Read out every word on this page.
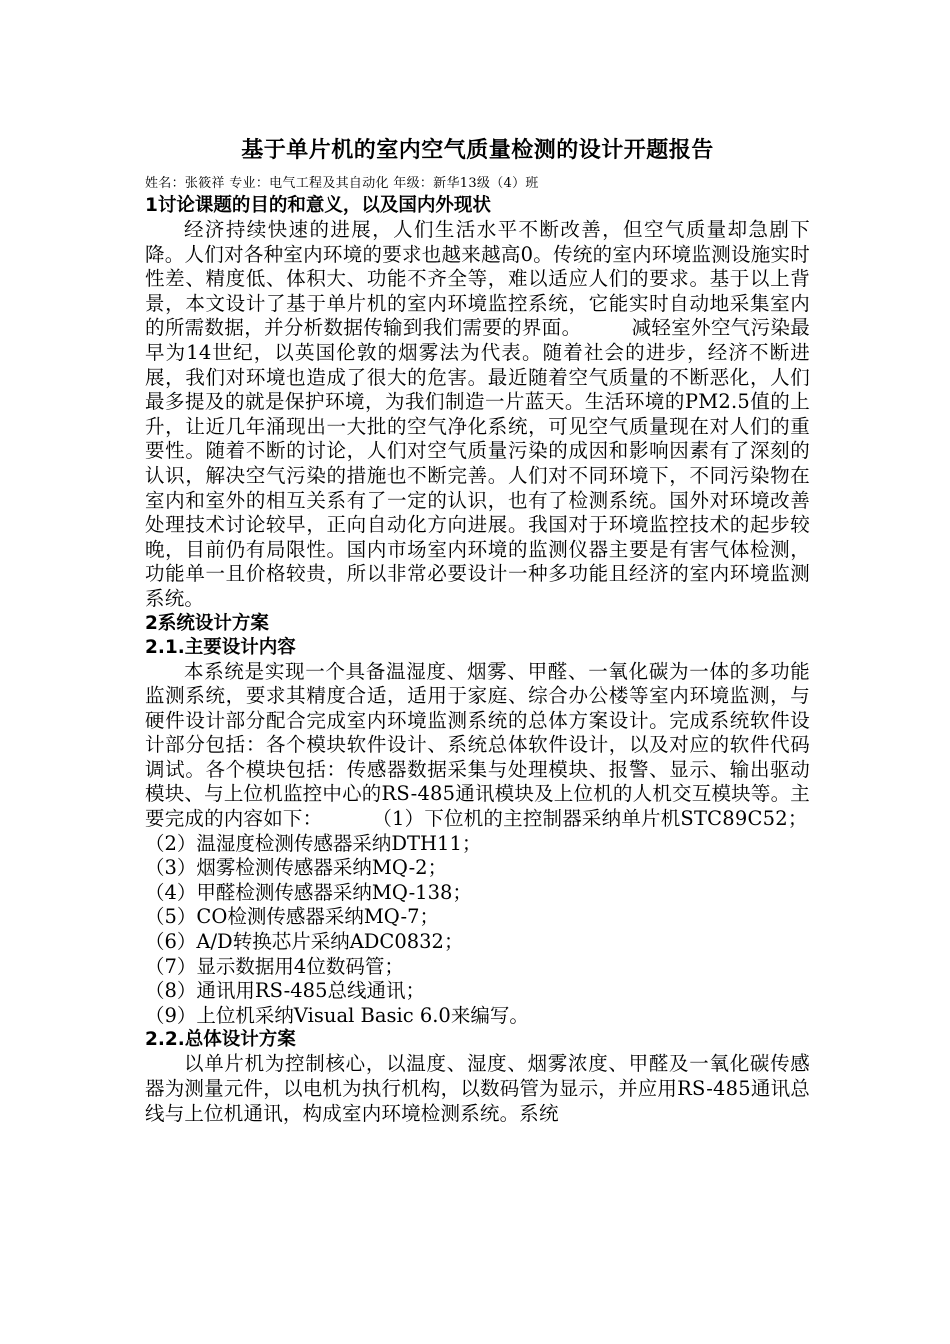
基于单片机的室内空气质量检测的设计开题报告
姓名：张筱祥 专业：电气工程及其自动化 年级：新华13级（4）班
1讨论课题的目的和意义，以及国内外现状
经济持续快速的进展，人们生活水平不断改善，但空气质量却急剧下降。人们对各种室内环境的要求也越来越高0。传统的室内环境监测设施实时性差、精度低、体积大、功能不齐全等，难以适应人们的要求。基于以上背景，本文设计了基于单片机的室内环境监控系统，它能实时自动地采集室内的所需数据，并分析数据传输到我们需要的界面。	减轻室外空气污染最早为14世纪，以英国伦敦的烟雾法为代表。随着社会的进步，经济不断进展，我们对环境也造成了很大的危害。最近随着空气质量的不断恶化，人们最多提及的就是保护环境，为我们制造一片蓝天。生活环境的PM2.5值的上升，让近几年涌现出一大批的空气净化系统，可见空气质量现在对人们的重要性。随着不断的讨论，人们对空气质量污染的成因和影响因素有了深刻的认识，解决空气污染的措施也不断完善。人们对不同环境下，不同污染物在室内和室外的相互关系有了一定的认识，也有了检测系统。国外对环境改善处理技术讨论较早，正向自动化方向进展。我国对于环境监控技术的起步较晚，目前仍有局限性。国内市场室内环境的监测仪器主要是有害气体检测，功能单一且价格较贵，所以非常必要设计一种多功能且经济的室内环境监测系统。
2系统设计方案
2.1.主要设计内容
本系统是实现一个具备温湿度、烟雾、甲醛、一氧化碳为一体的多功能监测系统，要求其精度合适，适用于家庭、综合办公楼等室内环境监测，与硬件设计部分配合完成室内环境监测系统的总体方案设计。完成系统软件设计部分包括：各个模块软件设计、系统总体软件设计，以及对应的软件代码调试。各个模块包括：传感器数据采集与处理模块、报警、显示、输出驱动模块、与上位机监控中心的RS-485通讯模块及上位机的人机交互模块等。主要完成的内容如下：	（1）下位机的主控制器采纳单片机STC89C52；
（2）温湿度检测传感器采纳DTH11；
（3）烟雾检测传感器采纳MQ-2；
（4）甲醛检测传感器采纳MQ-138；
（5）CO检测传感器采纳MQ-7；
（6）A/D转换芯片采纳ADC0832；
（7）显示数据用4位数码管；
（8）通讯用RS-485总线通讯；
（9）上位机采纳Visual Basic 6.0来编写。
2.2.总体设计方案
以单片机为控制核心，以温度、湿度、烟雾浓度、甲醛及一氧化碳传感器为测量元件，以电机为执行机构，以数码管为显示，并应用RS-485通讯总线与上位机通讯，构成室内环境检测系统。系统
